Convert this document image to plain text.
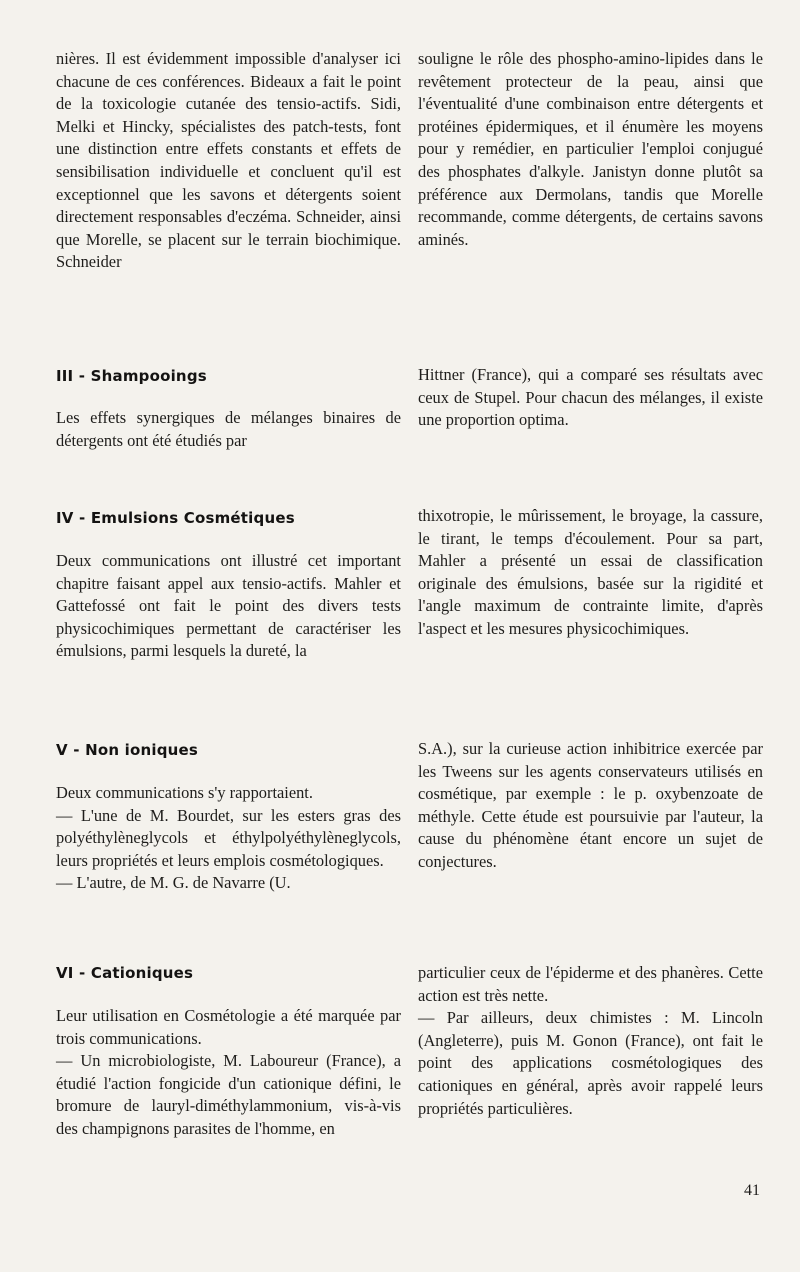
nières. Il est évidemment impossible d'analyser ici chacune de ces conférences. Bideaux a fait le point de la toxicologie cutanée des tensio-actifs. Sidi, Melki et Hincky, spécialistes des patch-tests, font une distinction entre effets constants et effets de sensibilisation individuelle et concluent qu'il est exceptionnel que les savons et détergents soient directement responsables d'eczéma. Schneider, ainsi que Morelle, se placent sur le terrain biochimique. Schneider

souligne le rôle des phospho-amino-lipides dans le revêtement protecteur de la peau, ainsi que l'éventualité d'une combinaison entre détergents et protéines épidermiques, et il énumère les moyens pour y remédier, en particulier l'emploi conjugué des phosphates d'alkyle. Janistyn donne plutôt sa préférence aux Dermolans, tandis que Morelle recommande, comme détergents, de certains savons aminés.

III - Shampooings

Les effets synergiques de mélanges binaires de détergents ont été étudiés par

Hittner (France), qui a comparé ses résultats avec ceux de Stupel. Pour chacun des mélanges, il existe une proportion optima.

IV - Emulsions Cosmétiques

Deux communications ont illustré cet important chapitre faisant appel aux tensio-actifs. Mahler et Gattefossé ont fait le point des divers tests physicochimiques permettant de caractériser les émulsions, parmi lesquels la dureté, la

thixotropie, le mûrissement, le broyage, la cassure, le tirant, le temps d'écoulement. Pour sa part, Mahler a présenté un essai de classification originale des émulsions, basée sur la rigidité et l'angle maximum de contrainte limite, d'après l'aspect et les mesures physicochimiques.

V - Non ioniques

Deux communications s'y rapportaient.

— L'une de M. Bourdet, sur les esters gras des polyéthylèneglycols et éthylpolyéthylèneglycols, leurs propriétés et leurs emplois cosmétologiques.

— L'autre, de M. G. de Navarre (U.

S.A.), sur la curieuse action inhibitrice exercée par les Tweens sur les agents conservateurs utilisés en cosmétique, par exemple : le p. oxybenzoate de méthyle. Cette étude est poursuivie par l'auteur, la cause du phénomène étant encore un sujet de conjectures.

VI - Cationiques

Leur utilisation en Cosmétologie a été marquée par trois communications.

— Un microbiologiste, M. Laboureur (France), a étudié l'action fongicide d'un cationique défini, le bromure de lauryl-diméthylammonium, vis-à-vis des champignons parasites de l'homme, en

particulier ceux de l'épiderme et des phanères. Cette action est très nette.

— Par ailleurs, deux chimistes : M. Lincoln (Angleterre), puis M. Gonon (France), ont fait le point des applications cosmétologiques des cationiques en général, après avoir rappelé leurs propriétés particulières.

41
